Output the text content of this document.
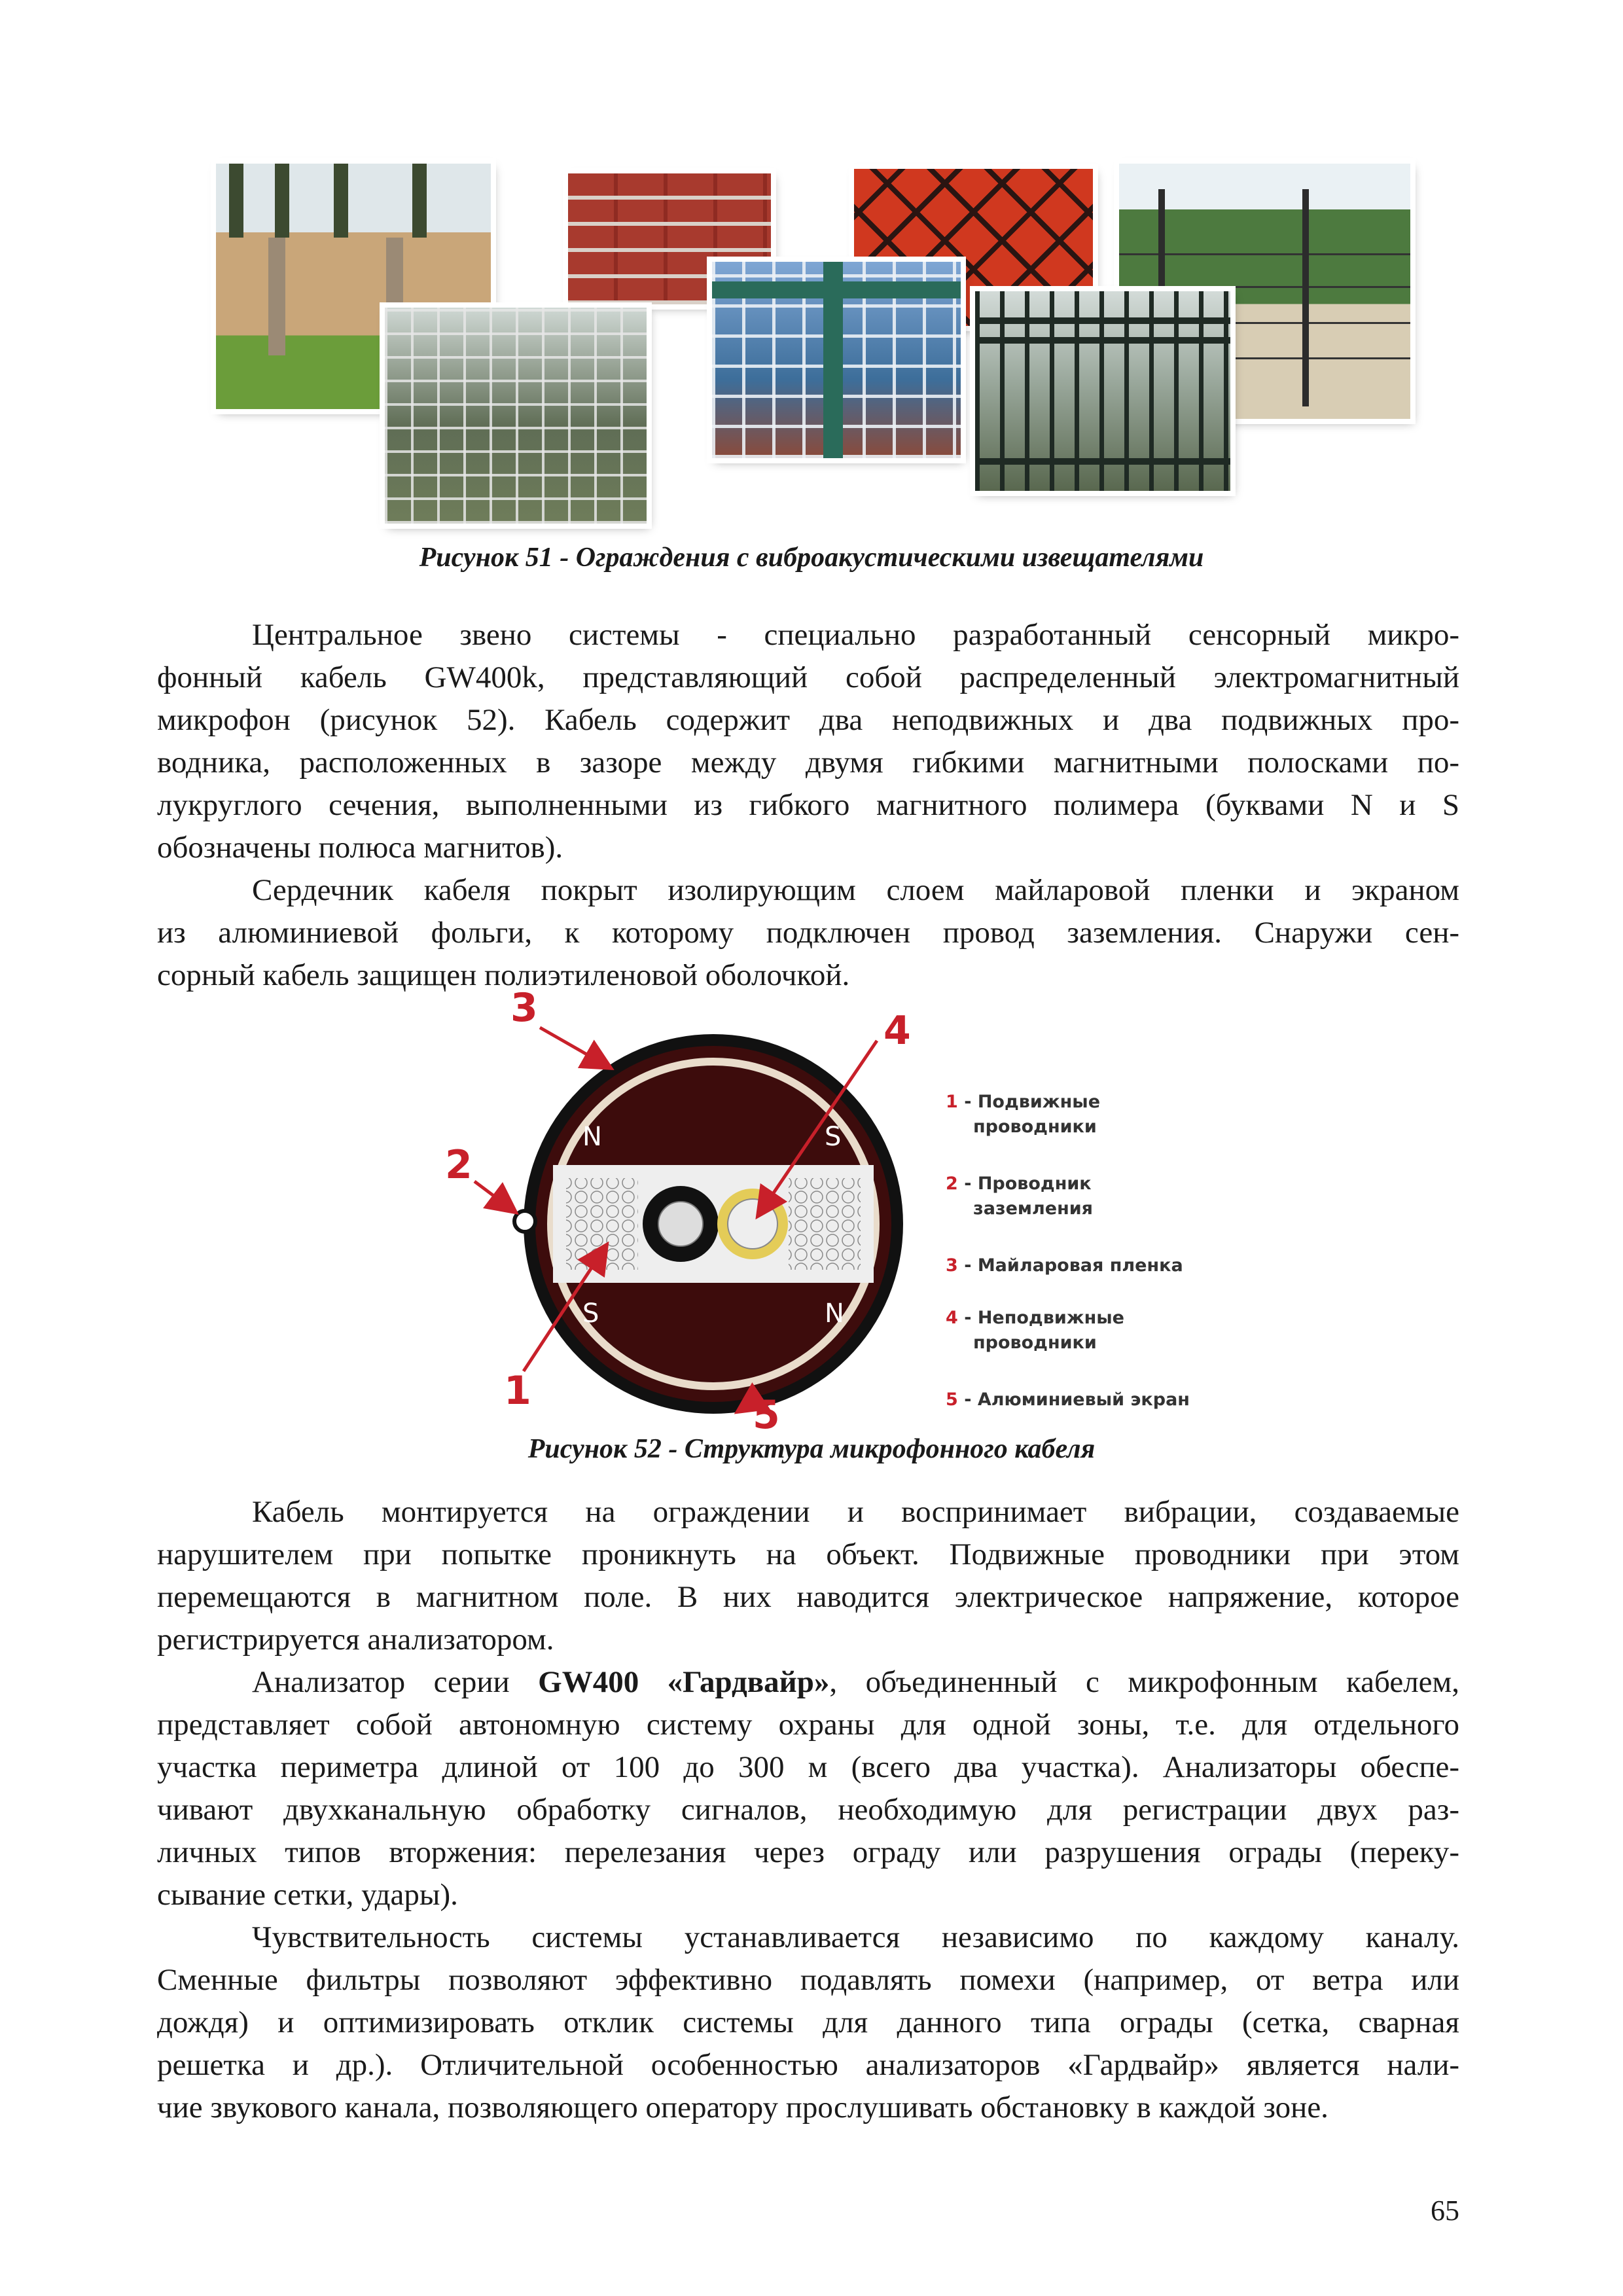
Рисунок 51 - Ограждения с виброакустическими извещателями

Центральное звено системы - специально разработанный сенсорный микро-
фонный кабель GW400k, представляющий собой распределенный электромагнитный
микрофон (рисунок 52). Кабель содержит два неподвижных и два подвижных про-
водника, расположенных в зазоре между двумя гибкими магнитными полосками по-
лукруглого сечения, выполненными из гибкого магнитного полимера (буквами N и S
обозначены полюса магнитов).

Сердечник кабеля покрыт изолирующим слоем майларовой пленки и экраном
из алюминиевой фольги, к которому подключен провод заземления. Снаружи сен-
сорный кабель защищен полиэтиленовой оболочкой.

N	S
S	N
3
2
4
1
5
1 - Подвижные
проводники
2 - Проводник
заземления
3 - Майларовая пленка
4 - Неподвижные
проводники
5 - Алюминиевый экран
Рисунок 52 - Структура микрофонного кабеля

Кабель монтируется на ограждении и воспринимает вибрации, создаваемые
нарушителем при попытке проникнуть на объект. Подвижные проводники при этом
перемещаются в магнитном поле. В них наводится электрическое напряжение, которое
регистрируется анализатором.

Анализатор серии GW400 «Гардвайр», объединенный с микрофонным кабелем,
представляет собой автономную систему охраны для одной зоны, т.е. для отдельного
участка периметра длиной от 100 до 300 м (всего два участка). Анализаторы обеспе-
чивают двухканальную обработку сигналов, необходимую для регистрации двух раз-
личных типов вторжения: перелезания через ограду или разрушения ограды (переку-
сывание сетки, удары).

Чувствительность системы устанавливается независимо по каждому каналу.
Сменные фильтры позволяют эффективно подавлять помехи (например, от ветра или
дождя) и оптимизировать отклик системы для данного типа ограды (сетка, сварная
решетка и др.). Отличительной особенностью анализаторов «Гардвайр» является нали-
чие звукового канала, позволяющего оператору прослушивать обстановку в каждой зоне.

65
